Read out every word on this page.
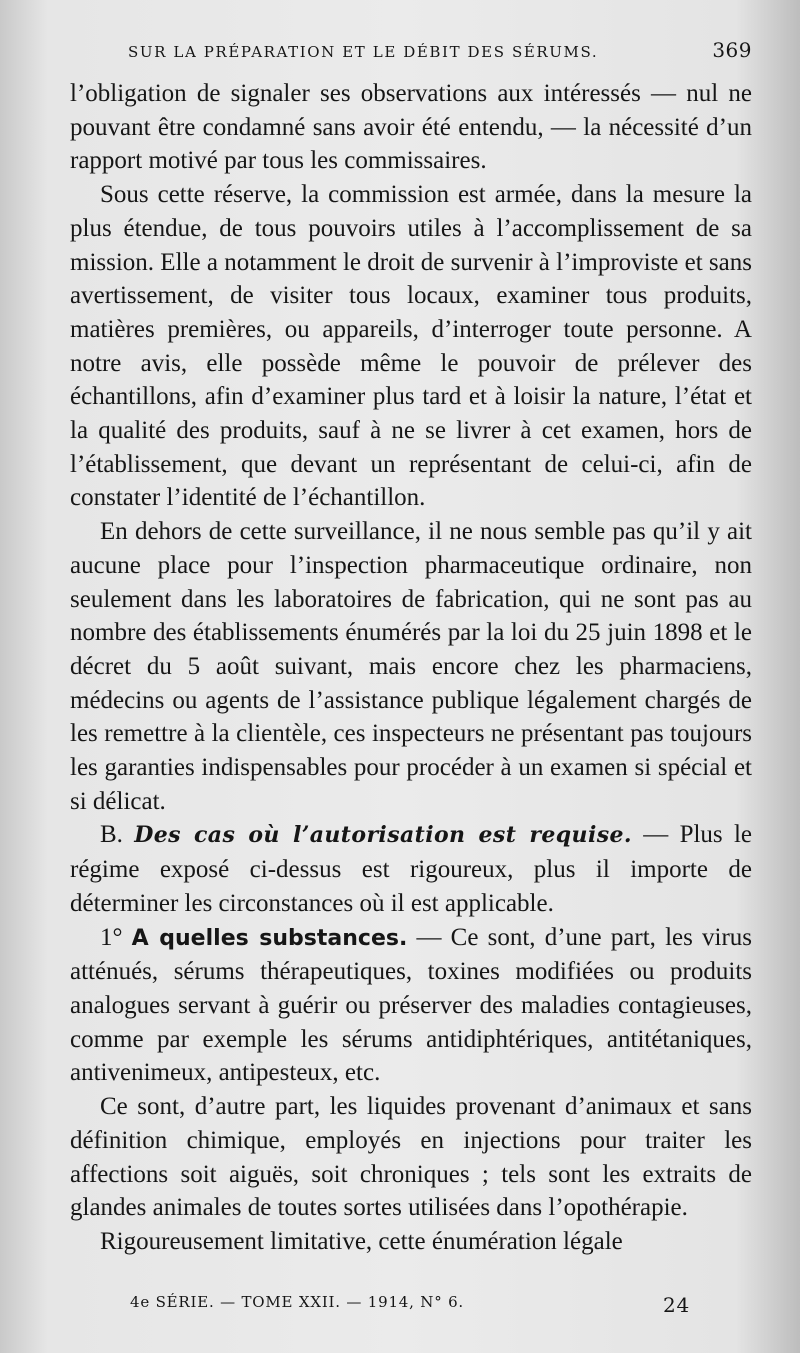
SUR LA PRÉPARATION ET LE DÉBIT DES SÉRUMS.	369

l’obligation de signaler ses observations aux intéressés — nul ne pouvant être condamné sans avoir été entendu, — la nécessité d’un rapport motivé par tous les commissaires.

Sous cette réserve, la commission est armée, dans la mesure la plus étendue, de tous pouvoirs utiles à l’accomplissement de sa mission. Elle a notamment le droit de survenir à l’improviste et sans avertissement, de visiter tous locaux, examiner tous produits, matières premières, ou appareils, d’interroger toute personne. A notre avis, elle possède même le pouvoir de prélever des échantillons, afin d’examiner plus tard et à loisir la nature, l’état et la qualité des produits, sauf à ne se livrer à cet examen, hors de l’établissement, que devant un représentant de celui-ci, afin de constater l’identité de l’échantillon.

En dehors de cette surveillance, il ne nous semble pas qu’il y ait aucune place pour l’inspection pharmaceutique ordinaire, non seulement dans les laboratoires de fabrication, qui ne sont pas au nombre des établissements énumérés par la loi du 25 juin 1898 et le décret du 5 août suivant, mais encore chez les pharmaciens, médecins ou agents de l’assistance publique légalement chargés de les remettre à la clientèle, ces inspecteurs ne présentant pas toujours les garanties indispensables pour procéder à un examen si spécial et si délicat.

B. Des cas où l’autorisation est requise. — Plus le régime exposé ci-dessus est rigoureux, plus il importe de déterminer les circonstances où il est applicable.

1° A quelles substances. — Ce sont, d’une part, les virus atténués, sérums thérapeutiques, toxines modifiées ou produits analogues servant à guérir ou préserver des maladies contagieuses, comme par exemple les sérums antidiphtériques, antitétaniques, antivenimeux, antipesteux, etc.

Ce sont, d’autre part, les liquides provenant d’animaux et sans définition chimique, employés en injections pour traiter les affections soit aiguës, soit chroniques ; tels sont les extraits de glandes animales de toutes sortes utilisées dans l’opothérapie.

Rigoureusement limitative, cette énumération légale

4e SÉRIE. — TOME XXII. — 1914, N° 6.	24
